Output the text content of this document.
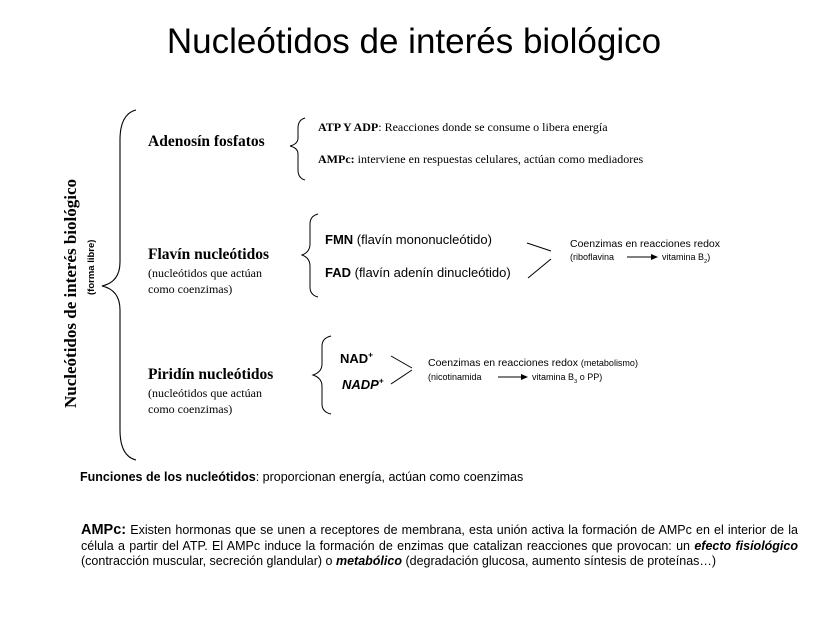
Nucleótidos de interés biológico
Nucleótidos de interés biológico (forma libre)
Adenosín fosfatos
ATP Y ADP: Reacciones donde se consume o libera energía
AMPc: interviene en respuestas celulares, actúan como mediadores
Flavín nucleótidos
(nucleótidos que actúan
como coenzimas)
FMN (flavín mononucleótido)
FAD (flavín adenín dinucleótido)
Coenzimas en reacciones redox
(riboflavina	vitamina $B_2$)
Piridín nucleótidos
(nucleótidos que actúan
como coenzimas)
NAD+
NADP+
Coenzimas en reacciones redox (metabolismo)
(nicotinamida	vitamina $B_3$ o PP)
Funciones de los nucleótidos: proporcionan energía, actúan como coenzimas
AMPc: Existen hormonas que se unen a receptores de membrana, esta unión activa la formación de AMPc en el interior de la célula a partir del ATP. El AMPc induce la formación de enzimas que catalizan reacciones que provocan: un efecto fisiológico (contracción muscular, secreción glandular) o metabólico (degradación glucosa, aumento síntesis de proteínas…)
